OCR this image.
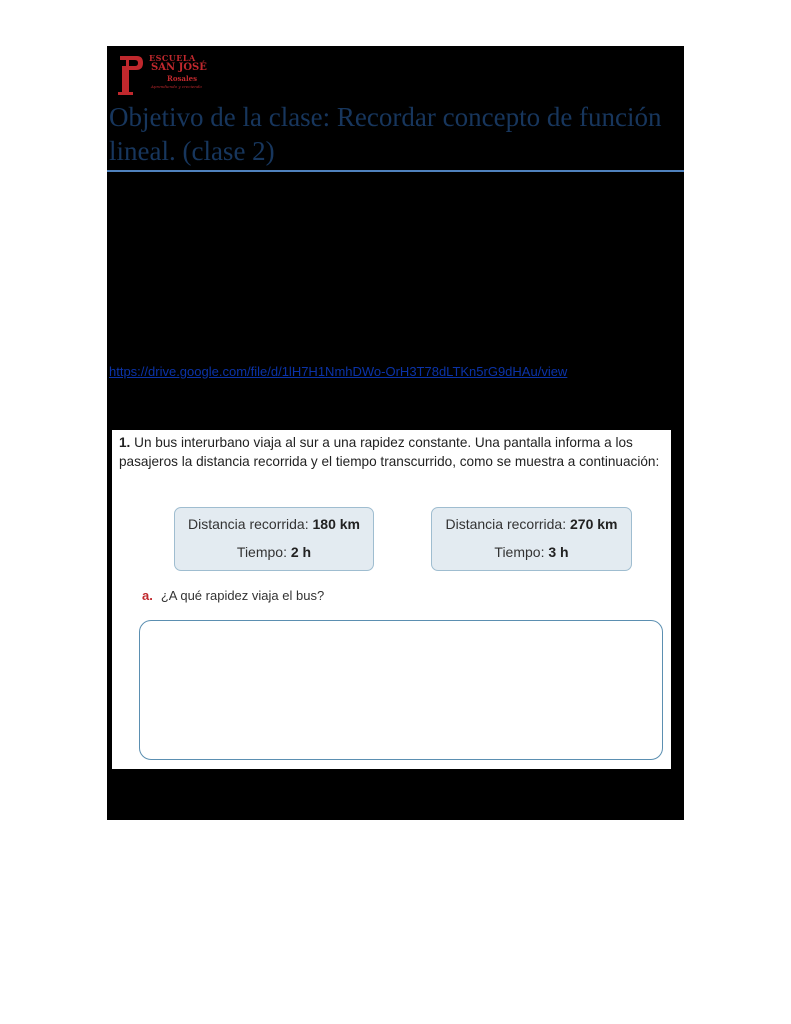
ESCUELA
SAN JOSÉ
Rosales
Aprendiendo y creciendo
Objetivo de la clase: Recordar concepto de función lineal. (clase 2)
https://drive.google.com/file/d/1lH7H1NmhDWo-OrH3T78dLTKn5rG9dHAu/view

1. Un bus interurbano viaja al sur a una rapidez constante. Una pantalla informa a los pasajeros la distancia recorrida y el tiempo transcurrido, como se muestra a continuación:

Distancia recorrida: 180 km
Tiempo: 2 h
Distancia recorrida: 270 km
Tiempo: 3 h
a. ¿A qué rapidez viaja el bus?
